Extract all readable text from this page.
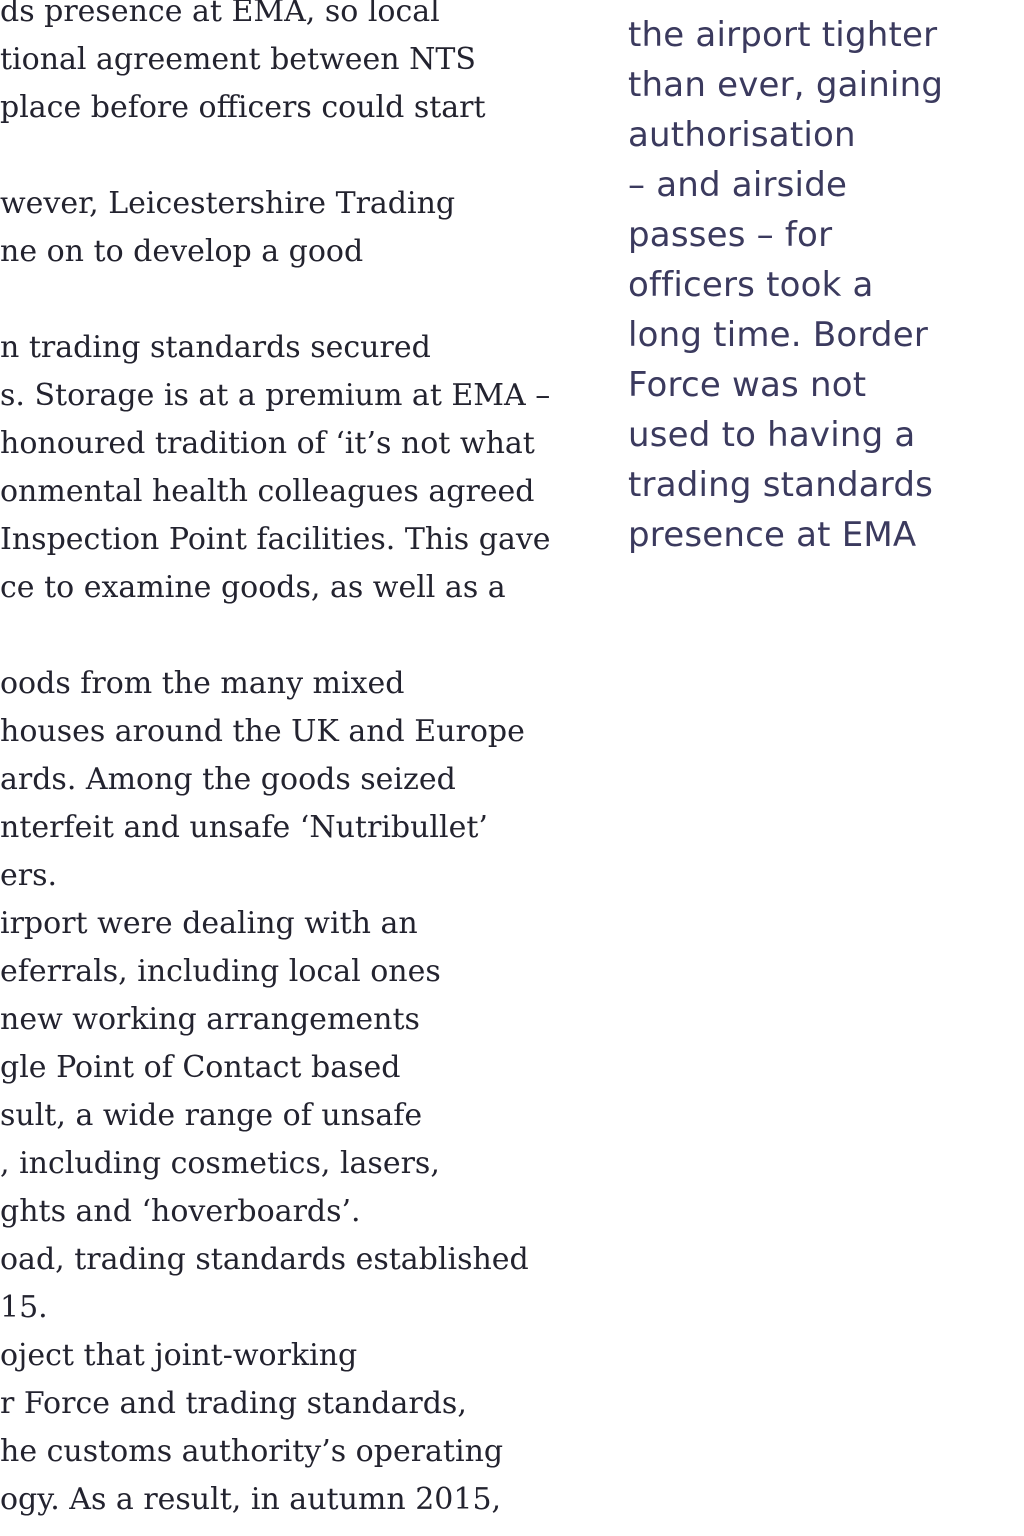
ds presence at EMA, so local
tional agreement between NTS
place before officers could start
wever, Leicestershire Trading
ne on to develop a good
n trading standards secured
s. Storage is at a premium at EMA –
honoured tradition of ‘it’s not what
onmental health colleagues agreed
Inspection Point facilities. This gave
ce to examine goods, as well as a
oods from the many mixed
houses around the UK and Europe
ards. Among the goods seized
nterfeit and unsafe ‘Nutribullet’
ers.
irport were dealing with an
eferrals, including local ones
new working arrangements
gle Point of Contact based
sult, a wide range of unsafe
, including cosmetics, lasers,
ghts and ‘hoverboards’.
oad, trading standards established
15.
oject that joint-working
r Force and trading standards,
he customs authority’s operating
ogy. As a result, in autumn 2015,
the airport tighter
than ever, gaining
authorisation
– and airside
passes – for
officers took a
long time. Border
Force was not
used to having a
trading standards
presence at EMA
